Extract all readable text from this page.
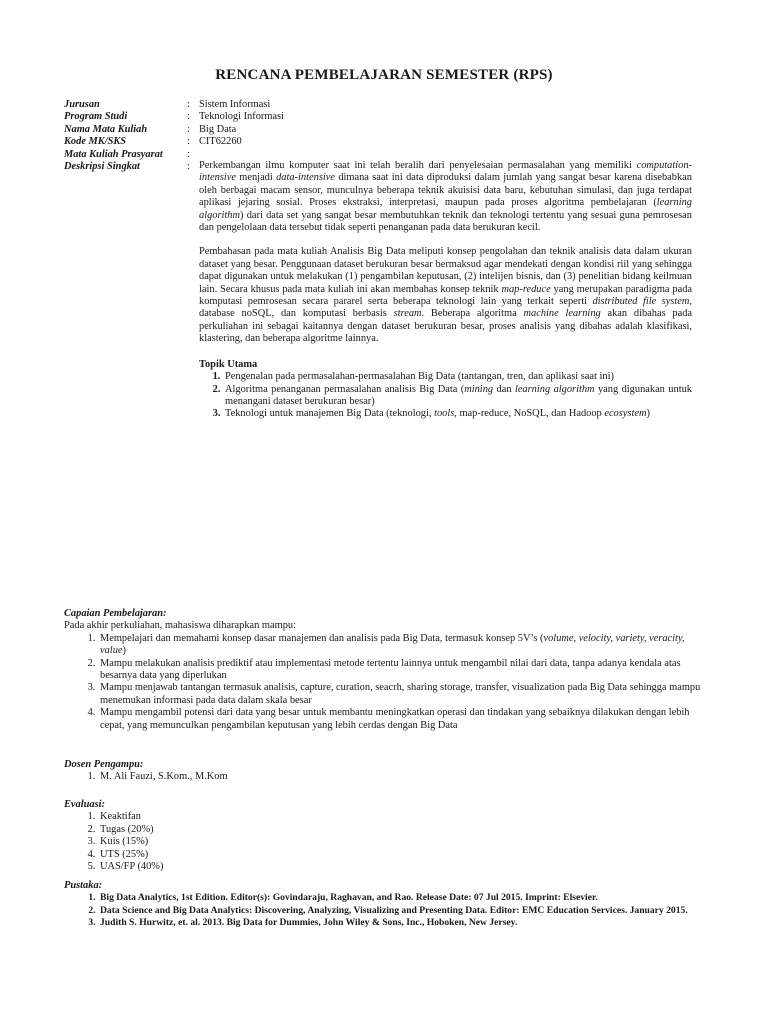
RENCANA PEMBELAJARAN SEMESTER (RPS)
Jurusan	: Sistem Informasi
Program Studi	: Teknologi Informasi
Nama Mata Kuliah	: Big Data
Kode MK/SKS	: CIT62260
Mata Kuliah Prasyarat	:
Deskripsi Singkat	: Perkembangan ilmu komputer saat ini telah beralih dari penyelesaian permasalahan yang memiliki computation-intensive menjadi data-intensive dimana saat ini data diproduksi dalam jumlah yang sangat besar karena disebabkan oleh berbagai macam sensor, munculnya beberapa teknik akuisisi data baru, kebutuhan simulasi, dan juga terdapat aplikasi jejaring sosial. Proses ekstraksi, interpretasi, maupun pada proses algoritma pembelajaran (learning algorithm) dari data set yang sangat besar membutuhkan teknik dan teknologi tertentu yang sesuai guna pemrosesan dan pengelolaan data tersebut tidak seperti penanganan pada data berukuran kecil.

Pembahasan pada mata kuliah Analisis Big Data meliputi konsep pengolahan dan teknik analisis data dalam ukuran dataset yang besar. Penggunaan dataset berukuran besar bermaksud agar mendekati dengan kondisi riil yang sehingga dapat digunakan untuk melakukan (1) pengambilan keputusan, (2) intelijen bisnis, dan (3) penelitian bidang keilmuan lain. Secara khusus pada mata kuliah ini akan membahas konsep teknik map-reduce yang merupakan paradigma pada komputasi pemrosesan secara pararel serta beberapa teknologi lain yang terkait seperti distributed file system, database noSQL, dan komputasi berbasis stream. Beberapa algoritma machine learning akan dibahas pada perkuliahan ini sebagai kaitannya dengan dataset berukuran besar, proses analisis yang dibahas adalah klasifikasi, klastering, dan beberapa algoritme lainnya.

Topik Utama
1. Pengenalan pada permasalahan-permasalahan Big Data (tantangan, tren, dan aplikasi saat ini)
2. Algoritma penanganan permasalahan analisis Big Data (mining dan learning algorithm yang digunakan untuk menangani dataset berukuran besar)
3. Teknologi untuk manajemen Big Data (teknologi, tools, map-reduce, NoSQL, dan Hadoop ecosystem)
Capaian Pembelajaran:
Pada akhir perkuliahan, mahasiswa diharapkan mampu:
1. Mempelajari dan memahami konsep dasar manajemen dan analisis pada Big Data, termasuk konsep 5V’s (volume, velocity, variety, veracity, value)
2. Mampu melakukan analisis prediktif atau implementasi metode tertentu lainnya untuk mengambil nilai dari data, tanpa adanya kendala atas besarnya data yang diperlukan
3. Mampu menjawab tantangan termasuk analisis, capture, curation, seacrh, sharing storage, transfer, visualization pada Big Data sehingga mampu menemukan informasi pada data dalam skala besar
4. Mampu mengambil potensi dari data yang besar untuk membantu meningkatkan operasi dan tindakan yang sebaiknya dilakukan dengan lebih cepat, yang memunculkan pengambilan keputusan yang lebih cerdas dengan Big Data
Dosen Pengampu:
1. M. Ali Fauzi, S.Kom., M.Kom
Evaluasi:
1. Keaktifan
2. Tugas (20%)
3. Kuis (15%)
4. UTS (25%)
5. UAS/FP (40%)
Pustaka:
1. Big Data Analytics, 1st Edition. Editor(s): Govindaraju, Raghavan, and Rao. Release Date: 07 Jul 2015. Imprint: Elsevier.
2. Data Science and Big Data Analytics: Discovering, Analyzing, Visualizing and Presenting Data. Editor: EMC Education Services. January 2015.
3. Judith S. Hurwitz, et. al. 2013. Big Data for Dummies, John Wiley & Sons, Inc., Hoboken, New Jersey.
